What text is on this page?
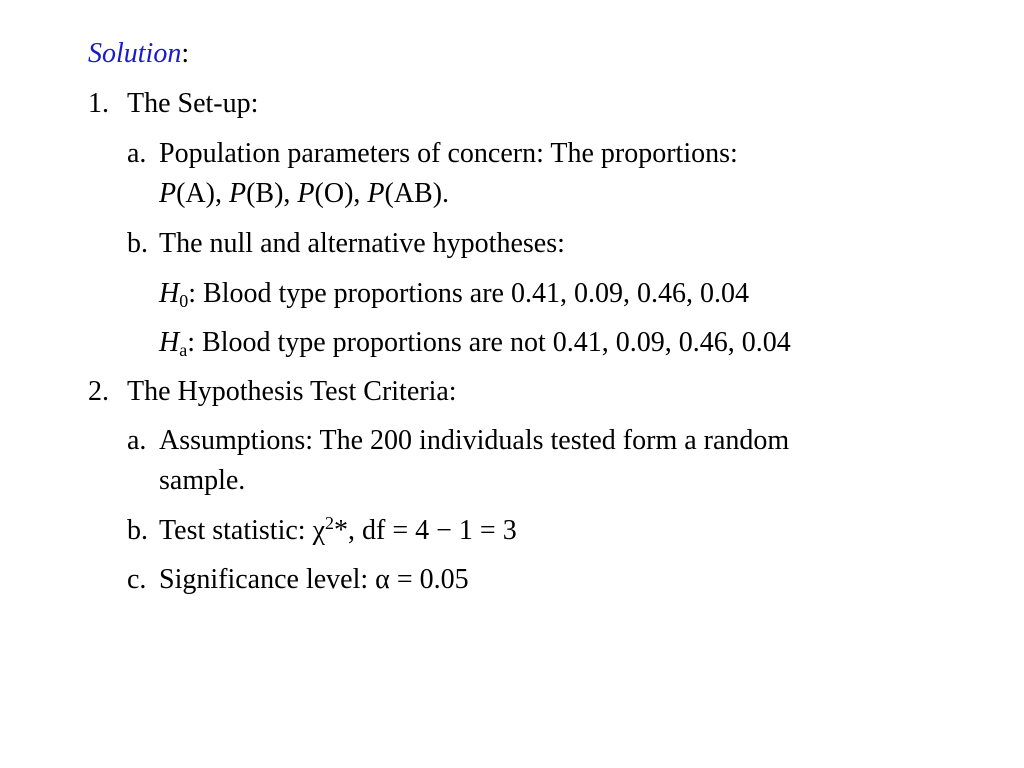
Solution:
1. The Set-up:
a. Population parameters of concern: The proportions:
P(A), P(B), P(O), P(AB).
b. The null and alternative hypotheses:
$H_0$: Blood type proportions are 0.41, 0.09, 0.46, 0.04
$H_a$: Blood type proportions are not 0.41, 0.09, 0.46, 0.04
2. The Hypothesis Test Criteria:
a. Assumptions: The 200 individuals tested form a random
sample.
b. Test statistic: $\chi^2*$, df = 4 − 1 = 3
c. Significance level: α = 0.05
